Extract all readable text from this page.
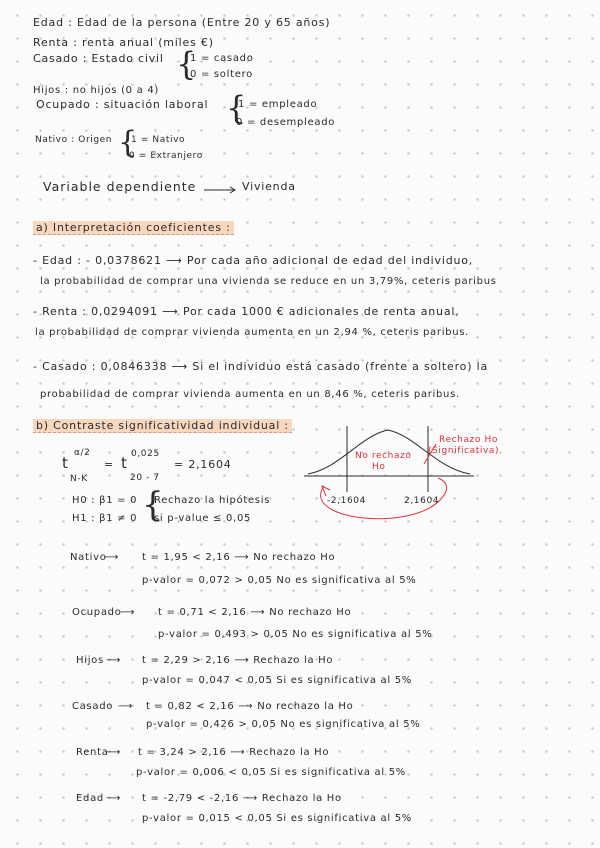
Edad : Edad de la persona (Entre 20 y 65 años)
Renta : renta anual (miles €)
Casado : Estado civil {
1 = casado
0 = soltero
Hijos : no hijos (0 a 4)
Ocupado : situación laboral {
1 = empleado
0 = desempleado
Nativo : Origen {
1 = Nativo
0 = Extranjero
Variable dependiente	Vivienda
a) Interpretación coeficientes :
- Edad : - 0,0378621 ⟶ Por cada año adicional de edad del individuo,
la probabilidad de comprar una vivienda se reduce en un 3,79%, ceteris paribus
- Renta : 0,0294091 ⟶ Por cada 1000 € adicionales de renta anual,
la probabilidad de comprar vivienda aumenta en un 2,94 %, ceteris paribus.
- Casado : 0,0846338 ⟶ Si el individuo está casado (frente a soltero) la
probabilidad de comprar vivienda aumenta en un 8,46 %, ceteris paribus.
b) Contraste significatividad individual :
t
α/2
N-K
= t 0,025
20 - 7
= 2,1604
H0 : β1 = 0
H1 : β1 ≠ 0 {
Rechazo la hipótesis
si p-value ≤ 0,05
No rechazo
Ho
Rechazo Ho
(Significativa)
-2,1604	2,1604
Nativo
⟶ t = 1,95 < 2,16 ⟶ No rechazo Ho
p-valor = 0,072 > 0,05 No es significativa al 5%
Ocupado
⟶ t = 0,71 < 2,16 ⟶ No rechazo Ho
p-valor = 0,493 > 0,05 No es significativa al 5%
Hijos ⟶ t = 2,29 > 2,16 ⟶ Rechazo la Ho
p-valor = 0,047 < 0,05 Si es significativa al 5%
Casado ⟶ t = 0,82 < 2,16 ⟶ No rechazo la Ho
p-valor = 0,426 > 0,05 No es significativa al 5%
Renta
⟶ t = 3,24 > 2,16 ⟶ Rechazo la Ho
p-valor = 0,006 < 0,05 Si es significativa al 5%
Edad ⟶ t = -2,79 < -2,16 ⟶ Rechazo la Ho
p-valor = 0,015 < 0,05 Si es significativa al 5%
